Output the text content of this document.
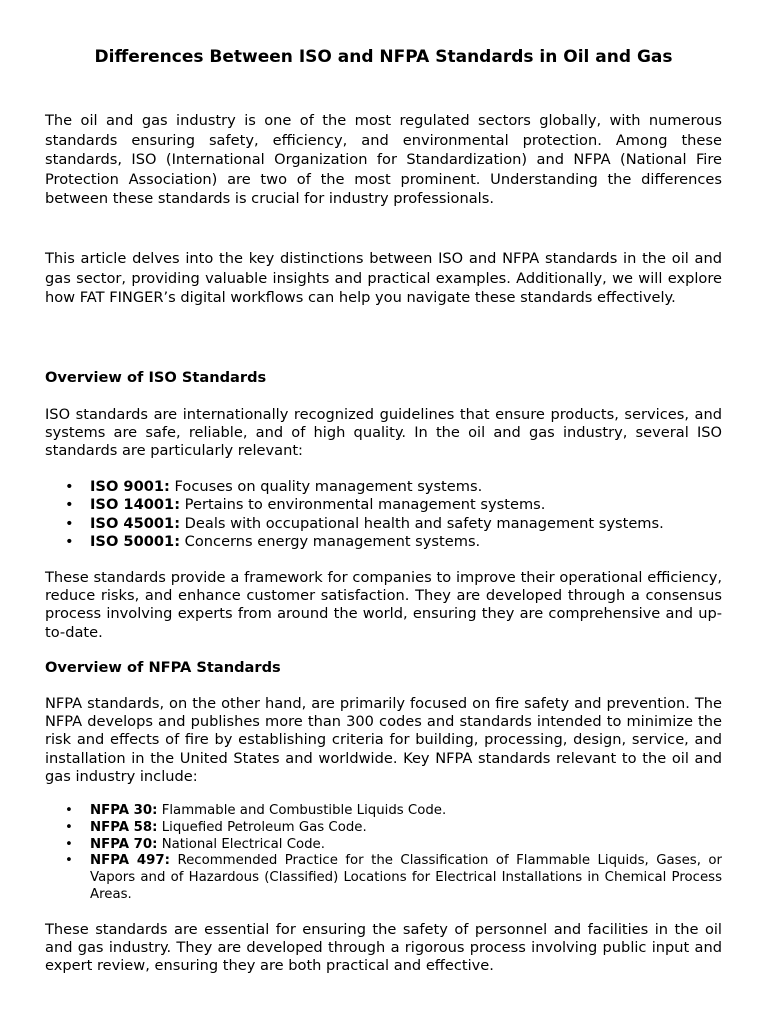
Differences Between ISO and NFPA Standards in Oil and Gas

The oil and gas industry is one of the most regulated sectors globally, with numerous standards ensuring safety, efficiency, and environmental protection. Among these standards, ISO (International Organization for Standardization) and NFPA (National Fire Protection Association) are two of the most prominent. Understanding the differences between these standards is crucial for industry professionals.

This article delves into the key distinctions between ISO and NFPA standards in the oil and gas sector, providing valuable insights and practical examples. Additionally, we will explore how FAT FINGER’s digital workflows can help you navigate these standards effectively.

Overview of ISO Standards

ISO standards are internationally recognized guidelines that ensure products, services, and systems are safe, reliable, and of high quality. In the oil and gas industry, several ISO standards are particularly relevant:

• ISO 9001: Focuses on quality management systems.
• ISO 14001: Pertains to environmental management systems.
• ISO 45001: Deals with occupational health and safety management systems.
• ISO 50001: Concerns energy management systems.

These standards provide a framework for companies to improve their operational efficiency, reduce risks, and enhance customer satisfaction. They are developed through a consensus process involving experts from around the world, ensuring they are comprehensive and up-to-date.

Overview of NFPA Standards

NFPA standards, on the other hand, are primarily focused on fire safety and prevention. The NFPA develops and publishes more than 300 codes and standards intended to minimize the risk and effects of fire by establishing criteria for building, processing, design, service, and installation in the United States and worldwide. Key NFPA standards relevant to the oil and gas industry include:

• NFPA 30: Flammable and Combustible Liquids Code.
• NFPA 58: Liquefied Petroleum Gas Code.
• NFPA 70: National Electrical Code.
• NFPA 497: Recommended Practice for the Classification of Flammable Liquids, Gases, or Vapors and of Hazardous (Classified) Locations for Electrical Installations in Chemical Process Areas.

These standards are essential for ensuring the safety of personnel and facilities in the oil and gas industry. They are developed through a rigorous process involving public input and expert review, ensuring they are both practical and effective.
